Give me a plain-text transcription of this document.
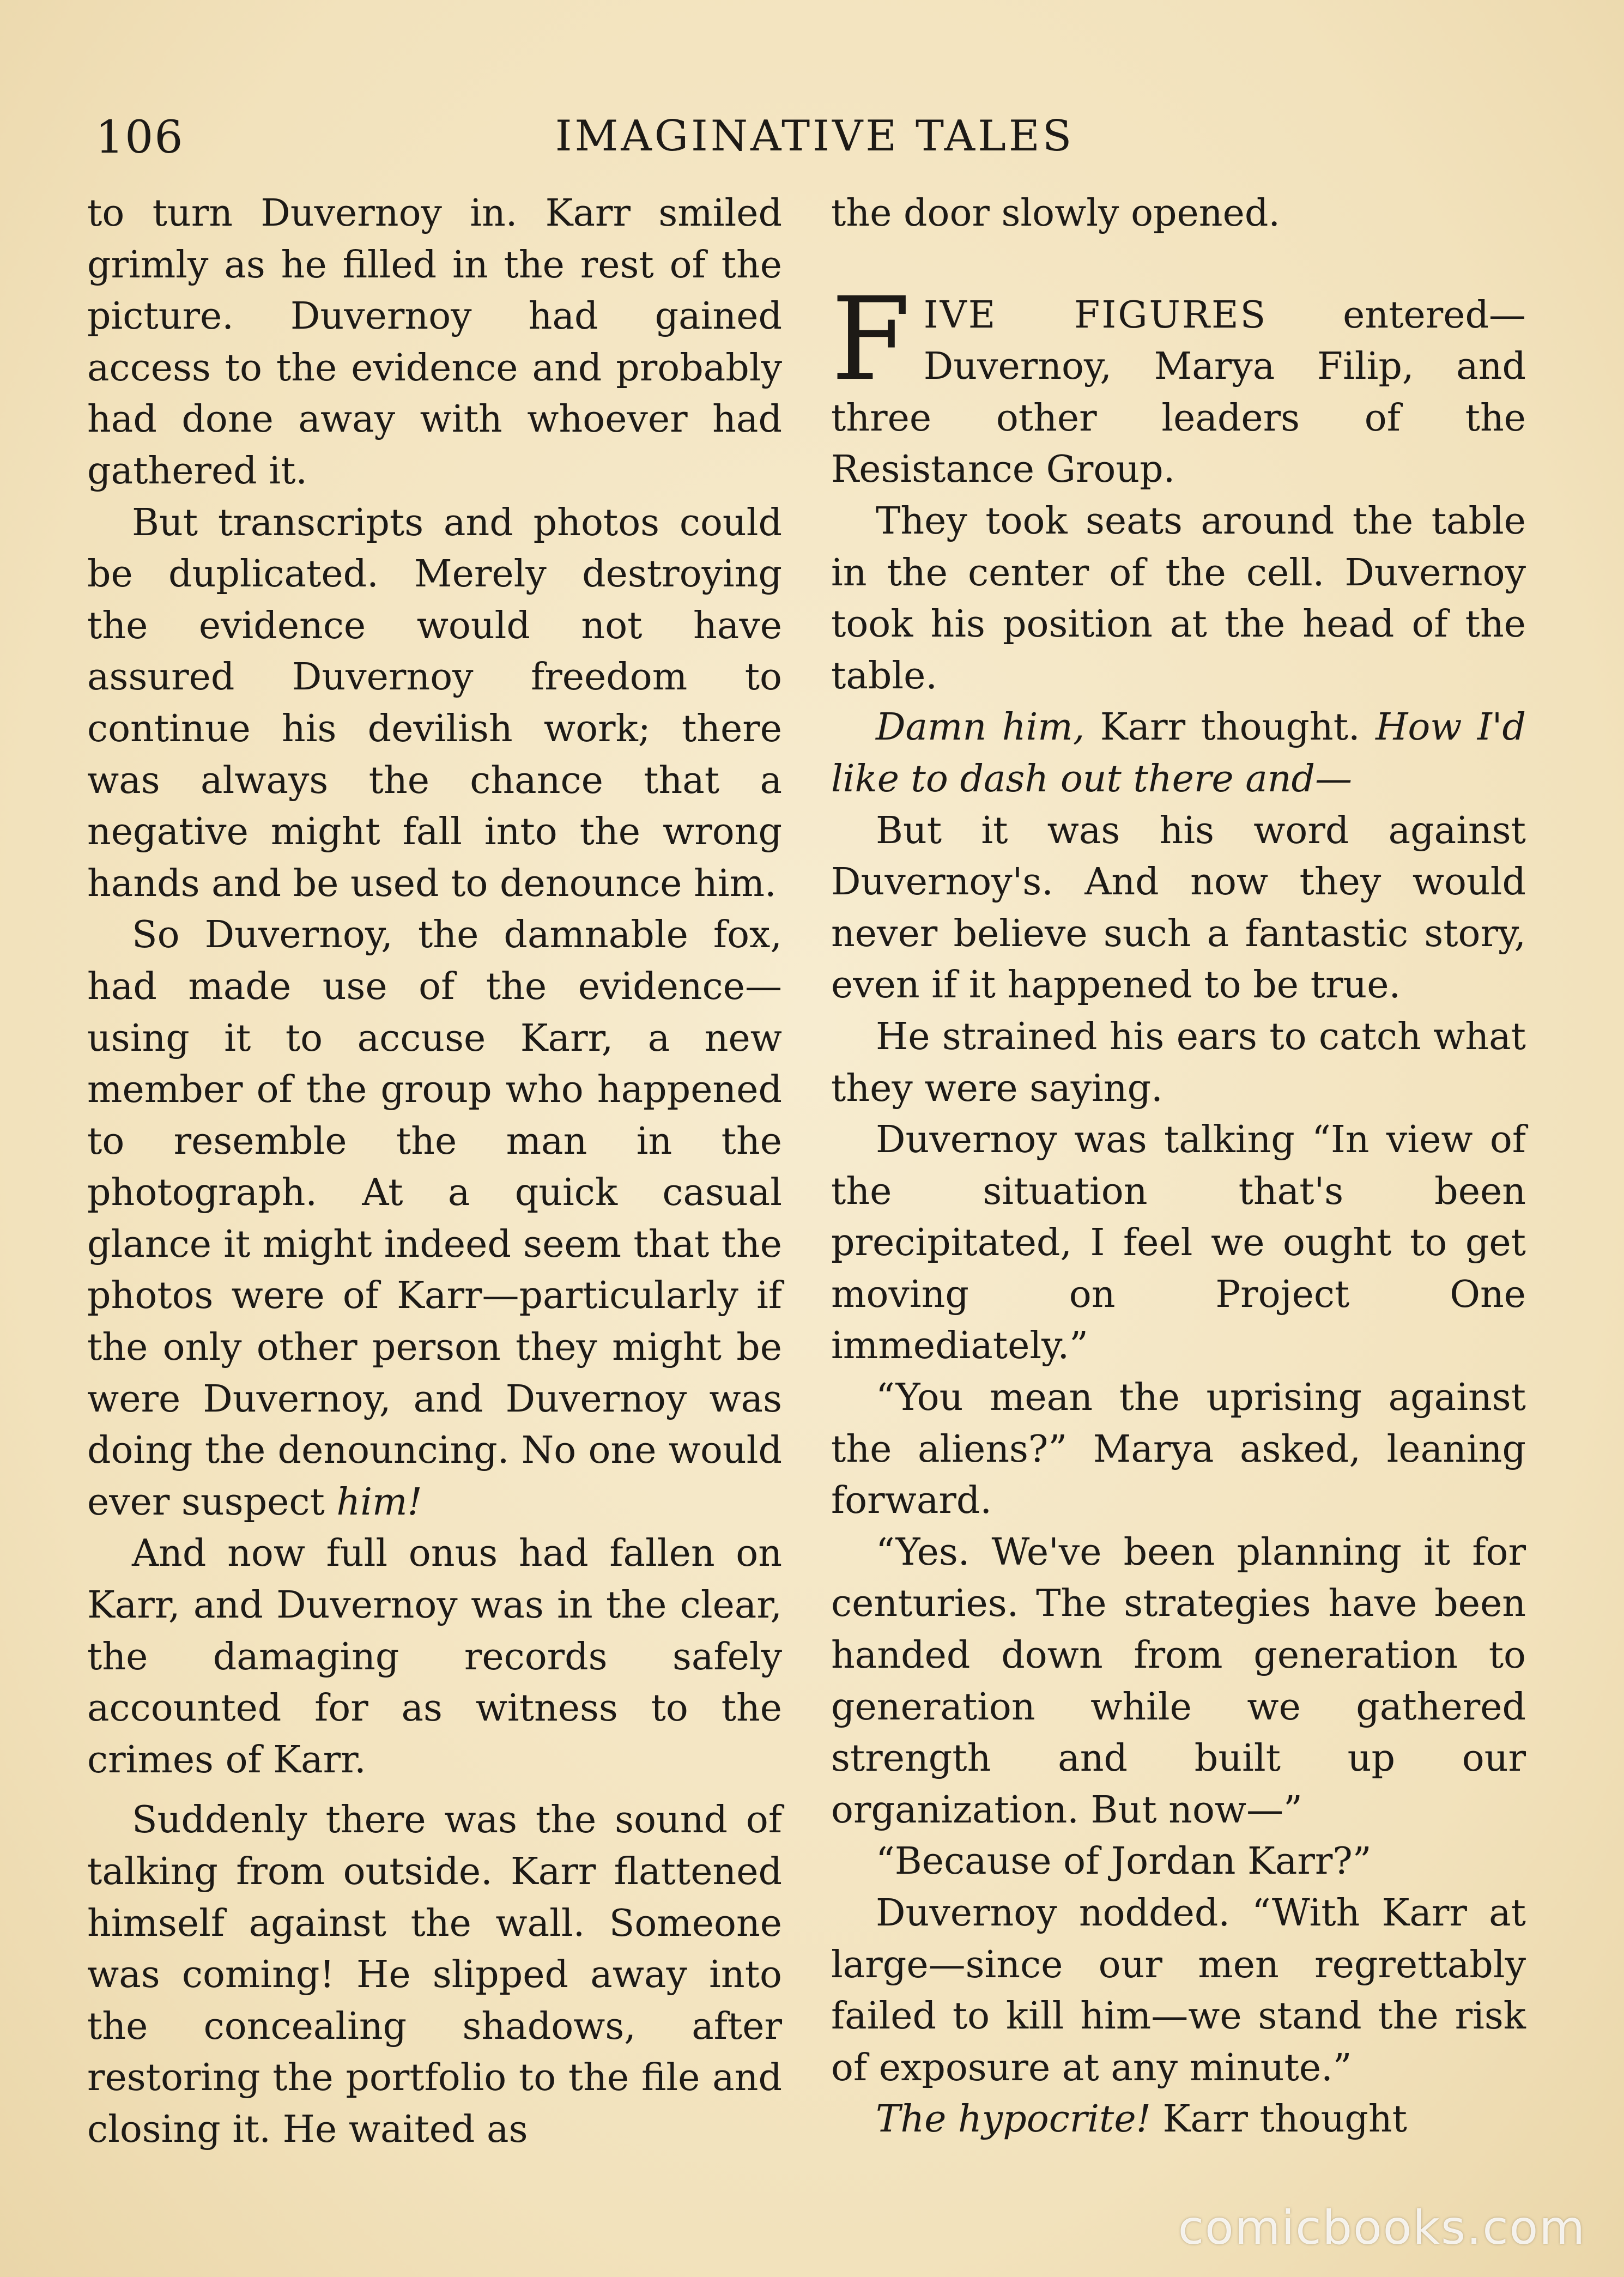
106	IMAGINATIVE TALES

to turn Duvernoy in. Karr smiled grimly as he filled in the rest of the picture. Duvernoy had gained access to the evidence and probably had done away with whoever had gathered it.

But transcripts and photos could be duplicated. Merely destroying the evidence would not have assured Duvernoy freedom to continue his devilish work; there was always the chance that a negative might fall into the wrong hands and be used to denounce him.

So Duvernoy, the damnable fox, had made use of the evidence—using it to accuse Karr, a new member of the group who happened to resemble the man in the photograph. At a quick casual glance it might indeed seem that the photos were of Karr—particularly if the only other person they might be were Duvernoy, and Duvernoy was doing the denouncing. No one would ever suspect him!

And now full onus had fallen on Karr, and Duvernoy was in the clear, the damaging records safely accounted for as witness to the crimes of Karr.

Suddenly there was the sound of talking from outside. Karr flattened himself against the wall. Someone was coming! He slipped away into the concealing shadows, after restoring the portfolio to the file and closing it. He waited as

the door slowly opened.

FIVE FIGURES entered—Duvernoy, Marya Filip, and three other leaders of the Resistance Group.

They took seats around the table in the center of the cell. Duvernoy took his position at the head of the table.

Damn him, Karr thought. How I'd like to dash out there and—

But it was his word against Duvernoy's. And now they would never believe such a fantastic story, even if it happened to be true.

He strained his ears to catch what they were saying.

Duvernoy was talking “In view of the situation that's been precipitated, I feel we ought to get moving on Project One immediately.”

“You mean the uprising against the aliens?” Marya asked, leaning forward.

“Yes. We've been planning it for centuries. The strategies have been handed down from generation to generation while we gathered strength and built up our organization. But now—”

“Because of Jordan Karr?”

Duvernoy nodded. “With Karr at large—since our men regrettably failed to kill him—we stand the risk of exposure at any minute.”

The hypocrite! Karr thought

comicbooks.com
